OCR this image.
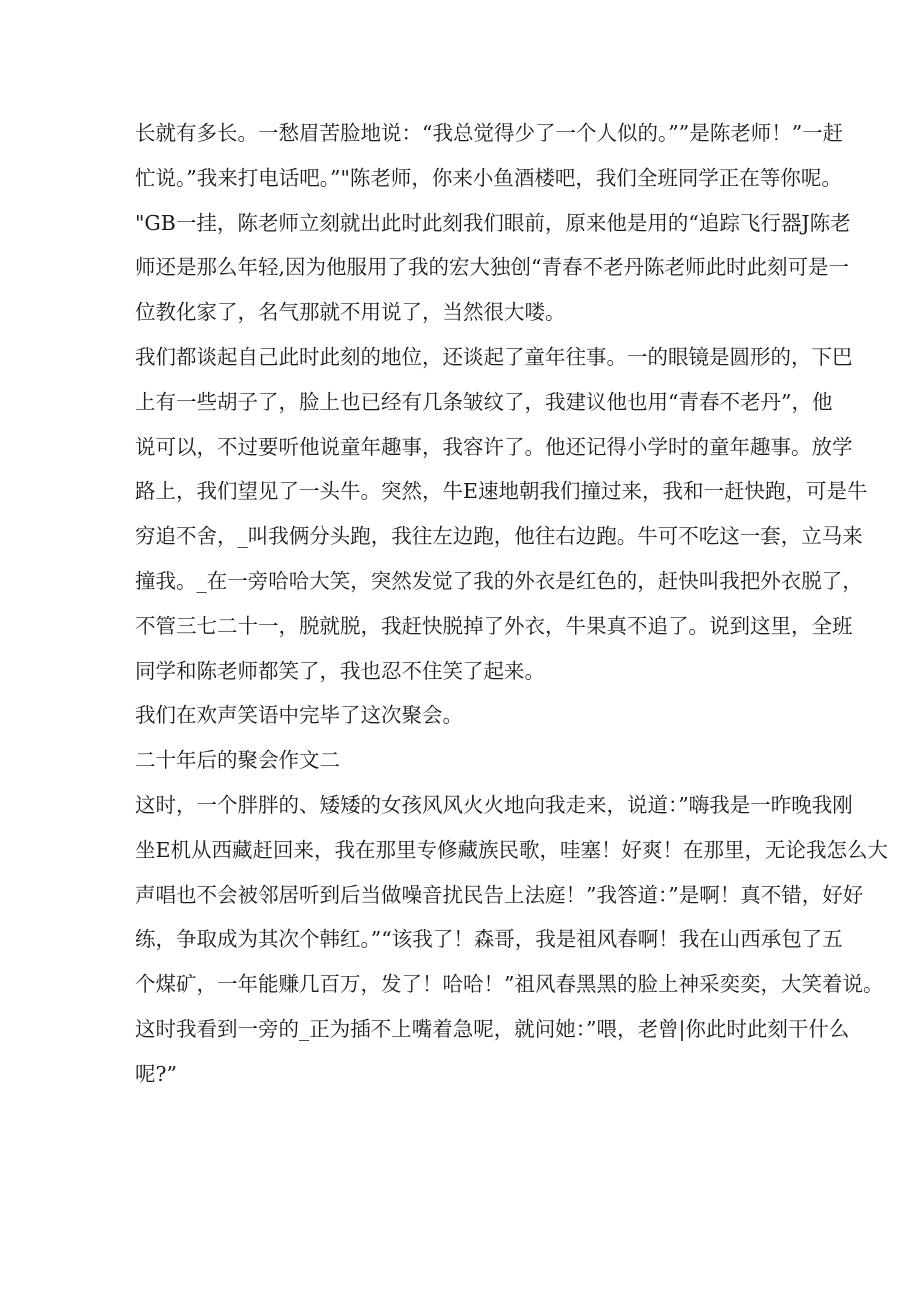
长就有多长。一愁眉苦脸地说：“我总觉得少了一个人似的。””是陈老师！”一赶
忙说。”我来打电话吧。”"陈老师，你来小鱼酒楼吧，我们全班同学正在等你呢。
"GB一挂，陈老师立刻就出此时此刻我们眼前，原来他是用的“追踪飞行器J陈老
师还是那么年轻,因为他服用了我的宏大独创“青春不老丹陈老师此时此刻可是一
位教化家了，名气那就不用说了，当然很大喽。
我们都谈起自己此时此刻的地位，还谈起了童年往事。一的眼镜是圆形的，下巴
上有一些胡子了，脸上也已经有几条皱纹了，我建议他也用“青春不老丹”，他
说可以，不过要听他说童年趣事，我容许了。他还记得小学时的童年趣事。放学
路上，我们望见了一头牛。突然，牛E速地朝我们撞过来，我和一赶快跑，可是牛
穷追不舍，_叫我俩分头跑，我往左边跑，他往右边跑。牛可不吃这一套，立马来
撞我。_在一旁哈哈大笑，突然发觉了我的外衣是红色的，赶快叫我把外衣脱了，
不管三七二十一，脱就脱，我赶快脱掉了外衣，牛果真不追了。说到这里，全班
同学和陈老师都笑了，我也忍不住笑了起来。
我们在欢声笑语中完毕了这次聚会。
二十年后的聚会作文二
这时，一个胖胖的、矮矮的女孩风风火火地向我走来，说道：”嗨我是一昨晚我刚
坐E机从西藏赶回来，我在那里专修藏族民歌，哇塞！好爽！在那里，无论我怎么大
声唱也不会被邻居听到后当做噪音扰民告上法庭！”我答道：”是啊！真不错，好好
练，争取成为其次个韩红。”“该我了！森哥，我是祖风春啊！我在山西承包了五
个煤矿，一年能赚几百万，发了！哈哈！”祖风春黑黑的脸上神采奕奕，大笑着说。
这时我看到一旁的_正为插不上嘴着急呢，就问她：”喂，老曾|你此时此刻干什么
呢?”
